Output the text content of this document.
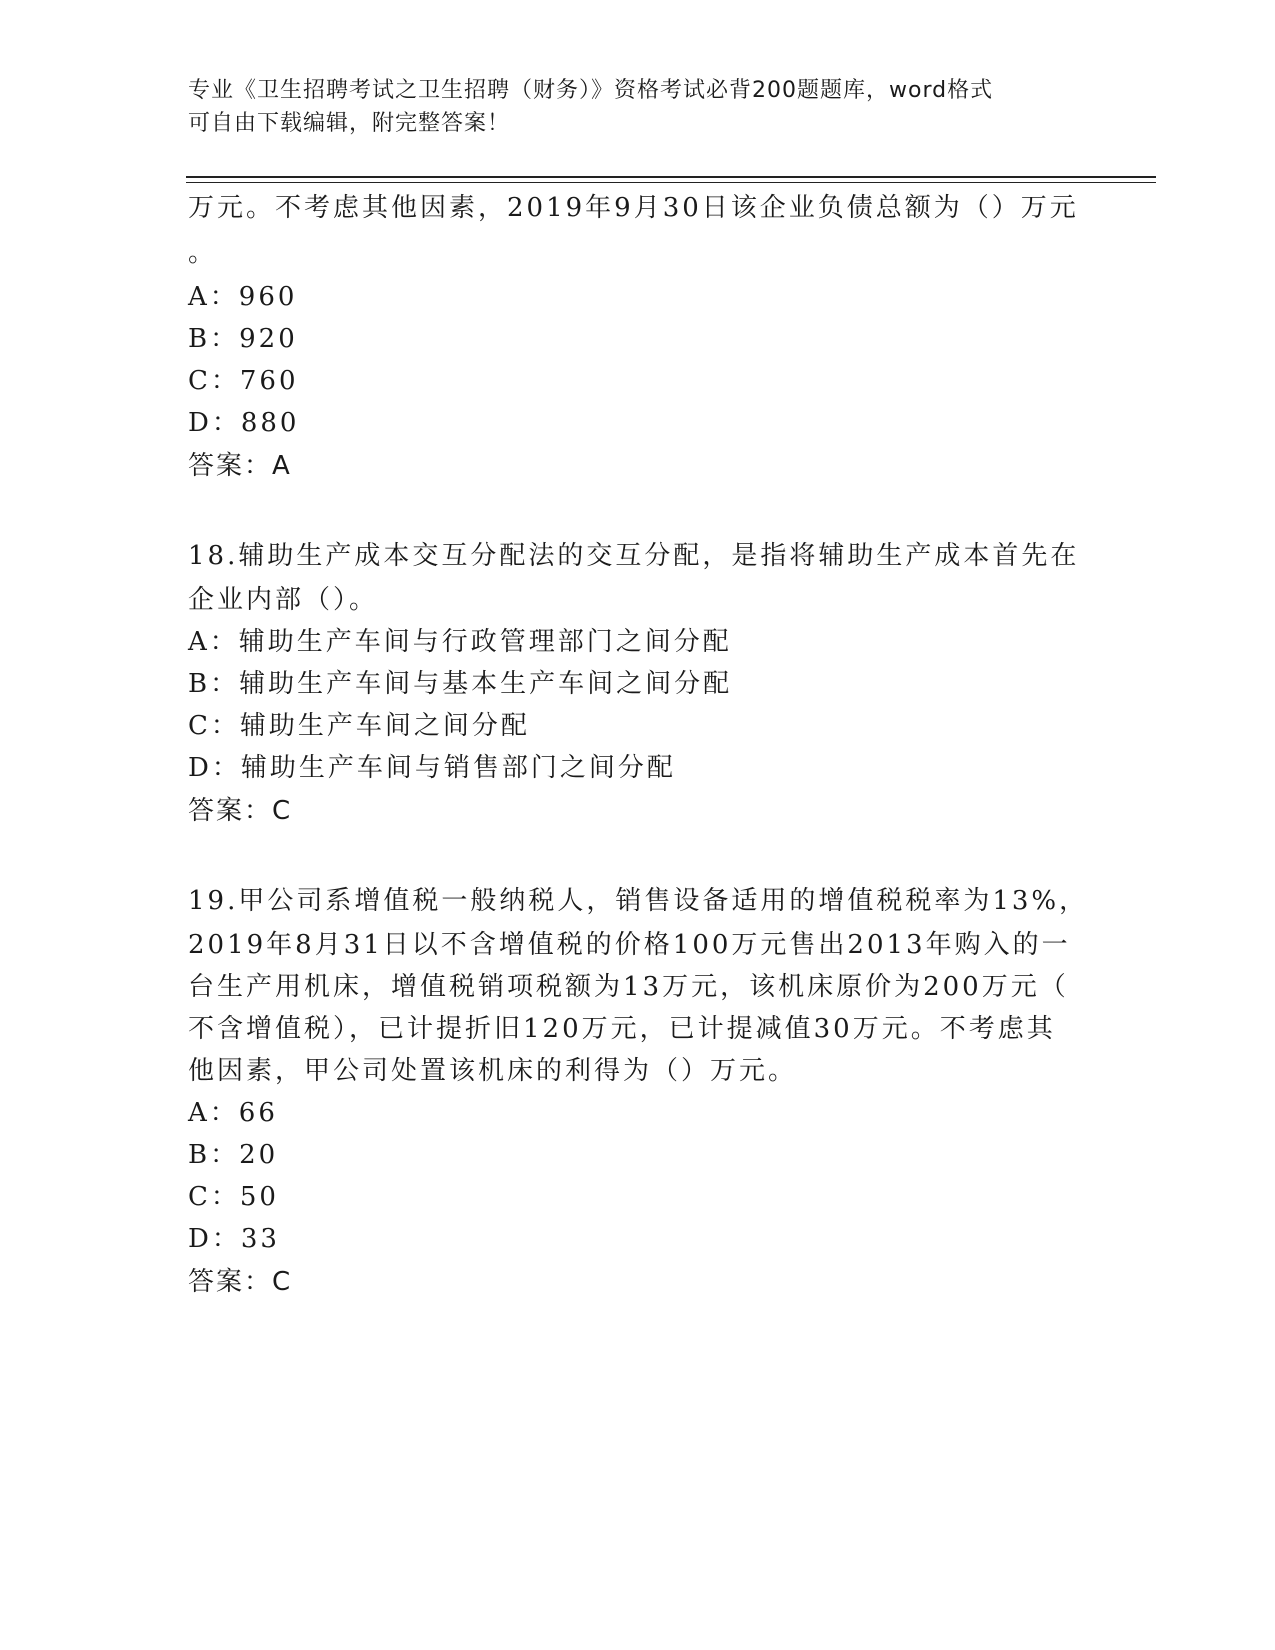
专业《卫生招聘考试之卫生招聘（财务）》资格考试必背200题题库，word格式
可自由下载编辑，附完整答案！
万元。不考虑其他因素，2019年9月30日该企业负债总额为（）万元
。
A：960
B：920
C：760
D：880
答案：A
18.辅助生产成本交互分配法的交互分配，是指将辅助生产成本首先在
企业内部（）。
A：辅助生产车间与行政管理部门之间分配
B：辅助生产车间与基本生产车间之间分配
C：辅助生产车间之间分配
D：辅助生产车间与销售部门之间分配
答案：C
19.甲公司系增值税一般纳税人，销售设备适用的增值税税率为13%，
2019年8月31日以不含增值税的价格100万元售出2013年购入的一
台生产用机床，增值税销项税额为13万元，该机床原价为200万元（
不含增值税），已计提折旧120万元，已计提减值30万元。不考虑其
他因素，甲公司处置该机床的利得为（）万元。
A：66
B：20
C：50
D：33
答案：C
